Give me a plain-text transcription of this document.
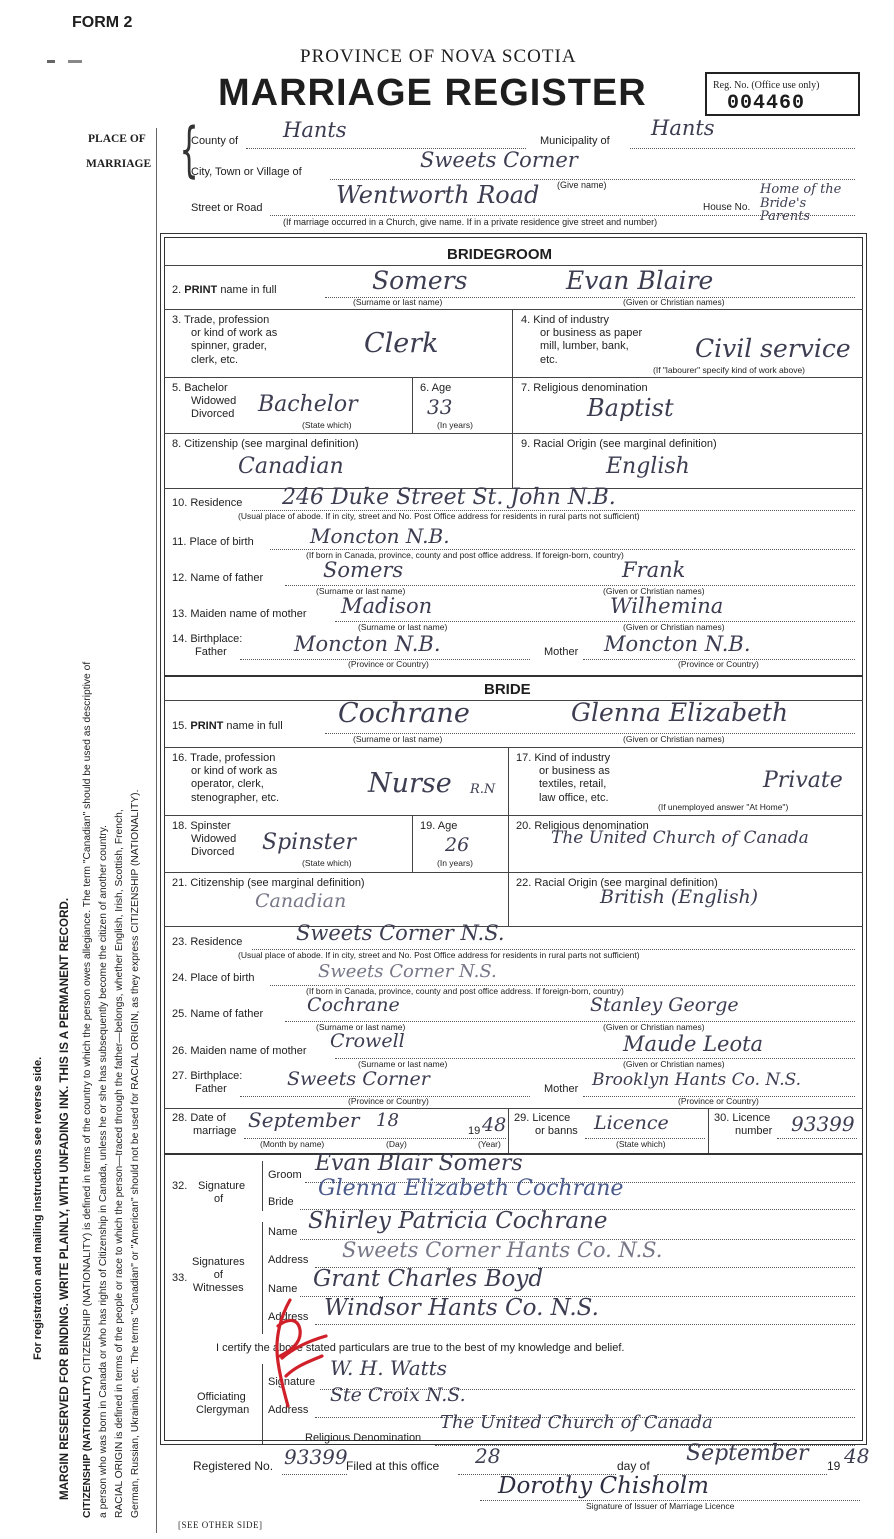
FORM 2
PROVINCE OF NOVA SCOTIA
MARRIAGE REGISTER	Reg. No. (Office use only)
004460
For registration and mailing instructions see reverse side. MARGIN RESERVED FOR BINDING. WRITE PLAINLY, WITH UNFADING INK. THIS IS A PERMANENT RECORD. CITIZENSHIP (NATIONALITY) CITIZENSHIP (NATIONALITY) is defined in terms of the country to which the person owes allegiance. The term "Canadian" should be used as descriptive of a person who was born in Canada or who has rights of Citizenship in Canada, unless he or she has subsequently become the citizen of another country. RACIAL ORIGIN is defined in terms of the people or race to which the person—traced through the father—belongs, whether English, Irish, Scottish, French, German, Russian, Ukrainian, etc. The terms "Canadian" or "American" should not be used for RACIAL ORIGIN, as they express CITIZENSHIP (NATIONALITY).
PLACE OF
MARRIAGE {
County of Hants	Municipality of
Hants
City, Town or Village of	Sweets Corner
(Give name)
Street or Road	Wentworth Road	House No.
Home of the Bride's Parents
(If marriage occurred in a Church, give name. If in a private residence give street and number)
BRIDEGROOM
2. PRINT name in full	Somers	Evan Blaire
(Surname or last name)	(Given or Christian names)
3. Trade, profession
or kind of work as
spinner, grader,
clerk, etc.
Clerk
4. Kind of industry
or business as paper
mill, lumber, bank,
etc.	Civil service
(If "labourer" specify kind of work above)
5. Bachelor
Widowed
Divorced Bachelor
(State which)
6. Age
33
(In years)
7. Religious denomination
Baptist
8. Citizenship (see marginal definition)
Canadian
9. Racial Origin (see marginal definition)
English
10. Residence 246 Duke Street St. John N.B.
(Usual place of abode. If in city, street and No. Post Office address for residents in rural parts not sufficient)
11. Place of birth	Moncton N.B.
(If born in Canada, province, county and post office address. If foreign-born, country)
12. Name of father	Somers	Frank
(Surname or last name)	(Given or Christian names)
13. Maiden name of mother Madison	Wilhemina
(Surname or last name)	(Given or Christian names)
14. Birthplace:
Father	Moncton N.B.	Mother Moncton N.B.
(Province or Country)	(Province or Country)
BRIDE
15. PRINT name in full Cochrane	Glenna Elizabeth
(Surname or last name)	(Given or Christian names)
16. Trade, profession
or kind of work as
operator, clerk,
stenographer, etc.	Nurse R.N
17. Kind of industry
or business as
textiles, retail,
law office, etc.
Private
(If unemployed answer "At Home")
18. Spinster
Widowed
Divorced Spinster
(State which)
19. Age
26
(In years)
20. Religious denomination
The United Church of Canada
21. Citizenship (see marginal definition)
Canadian
22. Racial Origin (see marginal definition)
British (English)
23. Residence	Sweets Corner N.S.
(Usual place of abode. If in city, street and No. Post Office address for residents in rural parts not sufficient)
24. Place of birth	Sweets Corner N.S.
(If born in Canada, province, county and post office address. If foreign-born, country)
25. Name of father Cochrane	Stanley George
(Surname or last name)	(Given or Christian names)
26. Maiden name of mother Crowell	Maude Leota
(Surname or last name)	(Given or Christian names)
27. Birthplace:
Father	Sweets Corner	Mother Brooklyn Hants Co. N.S.
(Province or Country)	(Province or Country)
28. Date of
marriage September 18	19 48
(Month by name)	(Day)	(Year)
29. Licence
or banns Licence
(State which)
30. Licence
number 93399
32. Signature
of
Groom Evan Blair Somers
Bride
Glenna Elizabeth Cochrane
33.
Signatures
of
Witnesses
Name Shirley Patricia Cochrane
Address Sweets Corner Hants Co. N.S.
Name Grant Charles Boyd
Address Windsor Hants Co. N.S.
I certify the above stated particulars are true to the best of my knowledge and belief.
Officiating
Clergyman
Signature
W. H. Watts
Address
Ste Croix N.S.
Religious Denomination
The United Church of Canada
Registered No. 93399
Filed at this office 28	day of September 19 48
Dorothy Chisholm
Signature of Issuer of Marriage Licence
[SEE OTHER SIDE]
